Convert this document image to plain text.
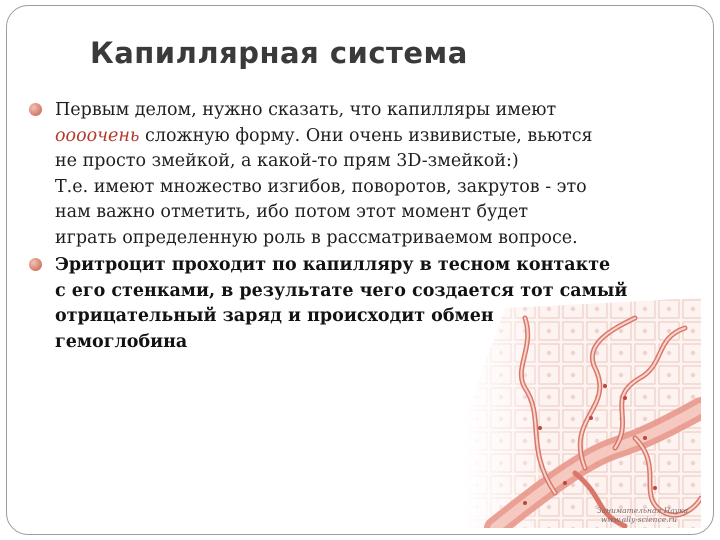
Капиллярная система
Занимательная Наука
www.ally-science.ru
Первым делом, нужно сказать, что капилляры имеют
оооочень сложную форму. Они очень извивистые, вьются
не просто змейкой, а какой-то прям 3D-змейкой:)
Т.е. имеют множество изгибов, поворотов, закрутов - это
нам важно отметить, ибо потом этот момент будет
играть определенную роль в рассматриваемом вопросе.
Эритроцит проходит по капилляру в тесном контакте
с его стенками, в результате чего создается тот самый
отрицательный заряд и происходит обмен
гемоглобина
